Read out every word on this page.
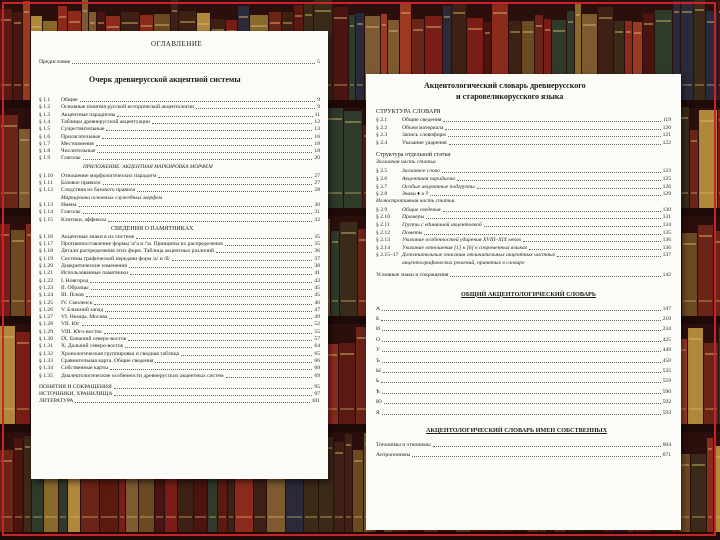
ОГЛАВЛЕНИЕ
Предисловие	5
Очерк древнерусской акцентной системы
§ 1.1 Общие	9
§ 1.2 Основные понятия русской исторической акцентологии	9
§ 1.3 Акцентные парадигмы	11
§ 1.4 Таблицы древнерусской акцентуации	12
§ 1.5 Существительные	13
§ 1.6 Прилагательные	16
§ 1.7 Местоимения	18
§ 1.8 Числительные	18
§ 1.9 Глаголы	20
ПРИЛОЖЕНИЕ: АКЦЕНТНАЯ МАРКИРОВКА МОРФЕМ
§ 1.10 Отношение морфологических парадигм	27
§ 1.11 Базовое правило	27
§ 1.12 Следствия из базового правила	28
Маркировка основных служебных морфем
§ 1.13 Имена	30
§ 1.14 Глаголы	31
§ 1.15 Клитики, аффиксы	32
СВЕДЕНИЯ О ПАМЯТНИКАХ
§ 1.16 Акцентные знаки в их системе	35
§ 1.17 Противопоставление формы 'a/'a и /'м. Принципы их распределения	35
§ 1.18 Детали распределения этих форм. Таблица акцентных различий	36
§ 1.19 Системы графической передачи форм /a/ и /б/	37
§ 1.20 Диакритические изменения	38
§ 1.21 Использованные памятники	41
§ 1.22 I. Новгород	43
§ 1.23 II. Образцы	45
§ 1.24 III. Псков	45
§ 1.25 IV. Смоленск	46
§ 1.26 V. Ближний запад	47
§ 1.27 VI. Немцы, Москва	49
§ 1.28 VII. Юг	52
§ 1.29 VIII. Юго-восток	55
§ 1.30 IX. Ближний северо-восток	57
§ 1.31 X. Дальний северо-восток	64
§ 1.32 Хронологическая группировка и сводная таблица	65
§ 1.33 Сравнительная карта. Общие сведения	66
§ 1.34 Собственные карты	68
§ 1.35 Диалектологические особенности древнерусских акцентных систем	69
ПОНЯТИЯ И СОКРАЩЕНИЯ	95
ИСТОЧНИКИ, ХРАНИЛИЩА	97
ЛИТЕРАТУРА	101
Акцентологический словарь древнерусского
и старовеликорусского языка
СТРУКТУРА СЛОВАРЯ
§ 2.1	Общие сведения	119
§ 2.2	Объем материала	120
§ 2.3	Запись словоформ	121
§ 2.4	Указание ударения	122
Структура отдельной статьи
Заглавная часть статьи
§ 2.5	Заглавное слово	123
§ 2.6	Акцентная парадигма	125
§ 2.7	Особые акцентные подгруппы	126
§ 2.8	Знаки ♦ и ◊	129
Иллюстративная часть статьи
§ 2.9	Общие сведения	130
§ 2.10 Примеры	131
§ 2.11 Группы с единичной акцентовкой	134
§ 2.12 Пометы	135
§ 2.13 Указание особенностей ударения XVIII–XIX веков	136
§ 2.14 Указание отношения [1] к [6] в современных языках	136
§ 2.15–17 Дополнительные описания отличительных акцентных частных	137
акцентографических решений, принятых в словаре
Условные знаки и сокращения	142
ОБЩИЙ АКЦЕНТОЛОГИЧЕСКИЙ СЛОВАРЬ
А	147
Б	210
И	234
О	425
У	449
Ъ	450
Ы	535
Ь	559
Ѣ	590
Ю	592
Я	593
АКЦЕНТОЛОГИЧЕСКИЙ СЛОВАРЬ ИМЕН СОБСТВЕННЫХ
Топонимы и этнонимы	604
Антропонимы	671
